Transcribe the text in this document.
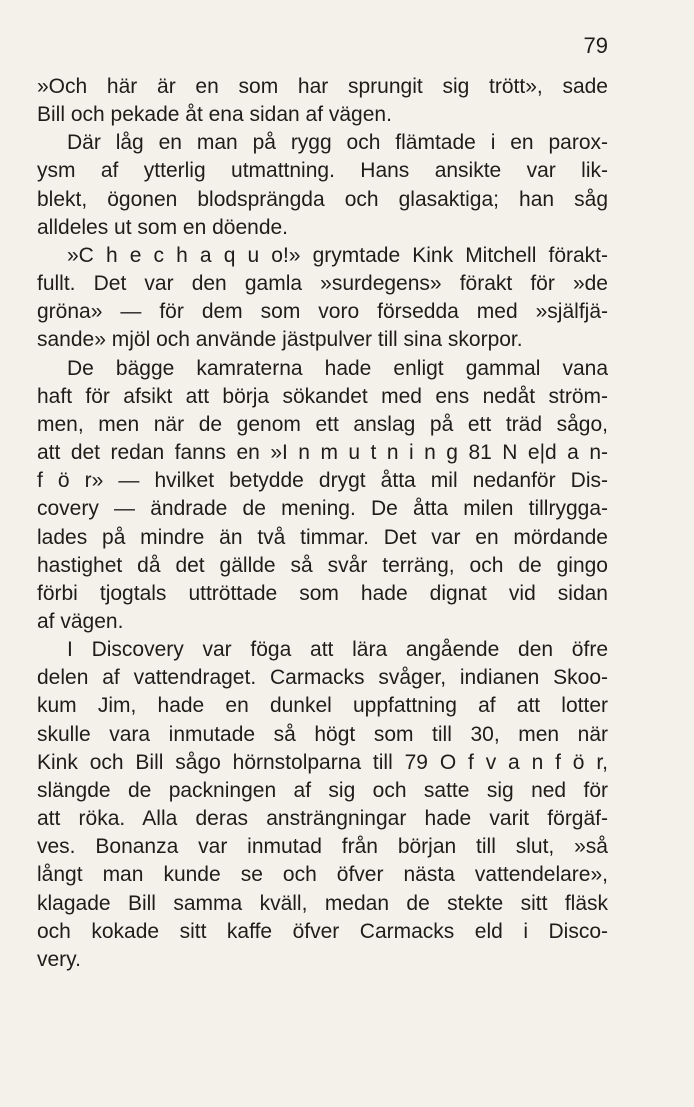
79
»Och här är en som har sprungit sig trött», sade
Bill och pekade åt ena sidan af vägen.
Där låg en man på rygg och flämtade i en parox-
ysm af ytterlig utmattning. Hans ansikte var lik-
blekt, ögonen blodsprängda och glasaktiga; han såg
alldeles ut som en döende.
»C h e c h a q u o!» grymtade Kink Mitchell förakt-
fullt. Det var den gamla »surdegens» förakt för »de
gröna» — för dem som voro försedda med »själfjä-
sande» mjöl och använde jästpulver till sina skorpor.
De bägge kamraterna hade enligt gammal vana
haft för afsikt att börja sökandet med ens nedåt ström-
men, men när de genom ett anslag på ett träd sågo,
att det redan fanns en »I n m u t n i n g 81 N e|d a n-
f ö r» — hvilket betydde drygt åtta mil nedanför Dis-
covery — ändrade de mening. De åtta milen tillrygga-
lades på mindre än två timmar. Det var en mördande
hastighet då det gällde så svår terräng, och de gingo
förbi tjogtals uttröttade som hade dignat vid sidan
af vägen.
I Discovery var föga att lära angående den öfre
delen af vattendraget. Carmacks svåger, indianen Skoo-
kum Jim, hade en dunkel uppfattning af att lotter
skulle vara inmutade så högt som till 30, men när
Kink och Bill sågo hörnstolparna till 79 O f v a n f ö r,
slängde de packningen af sig och satte sig ned för
att röka. Alla deras ansträngningar hade varit förgäf-
ves. Bonanza var inmutad från början till slut, »så
långt man kunde se och öfver nästa vattendelare»,
klagade Bill samma kväll, medan de stekte sitt fläsk
och kokade sitt kaffe öfver Carmacks eld i Disco-
very.
